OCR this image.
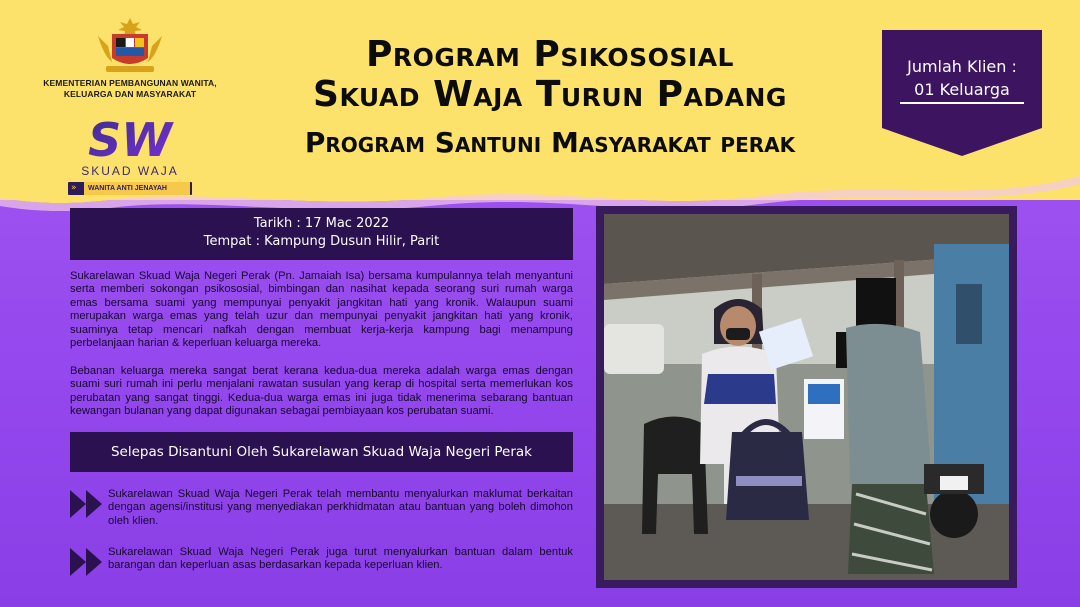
KEMENTERIAN PEMBANGUNAN WANITA, KELUARGA DAN MASYARAKAT
SW
SKUAD WAJA
»	WANITA ANTI JENAYAH
Program Psikososial
Skuad Waja Turun Padang
Program Santuni Masyarakat perak
Jumlah Klien :
01 Keluarga
Tarikh : 17 Mac 2022
Tempat : Kampung Dusun Hilir, Parit
Sukarelawan Skuad Waja Negeri Perak (Pn. Jamaiah Isa) bersama kumpulannya telah menyantuni serta memberi sokongan psikososial, bimbingan dan nasihat kepada seorang suri rumah warga emas bersama suami yang mempunyai penyakit jangkitan hati yang kronik. Walaupun suami merupakan warga emas yang telah uzur dan mempunyai penyakit jangkitan hati yang kronik, suaminya tetap mencari nafkah dengan membuat kerja-kerja kampung bagi menampung perbelanjaan harian & keperluan keluarga mereka.
Bebanan keluarga mereka sangat berat kerana kedua-dua mereka adalah warga emas dengan suami suri rumah ini perlu menjalani rawatan susulan yang kerap di hospital serta memerlukan kos perubatan yang sangat tinggi. Kedua-dua warga emas ini juga tidak menerima sebarang bantuan kewangan bulanan yang dapat digunakan sebagai pembiayaan kos perubatan suami.
Selepas Disantuni Oleh Sukarelawan Skuad Waja Negeri Perak
Sukarelawan Skuad Waja Negeri Perak telah membantu menyalurkan maklumat berkaitan dengan agensi/institusi yang menyediakan perkhidmatan atau bantuan yang boleh dimohon oleh klien.
Sukarelawan Skuad Waja Negeri Perak juga turut menyalurkan bantuan dalam bentuk barangan dan keperluan asas berdasarkan kepada keperluan klien.
